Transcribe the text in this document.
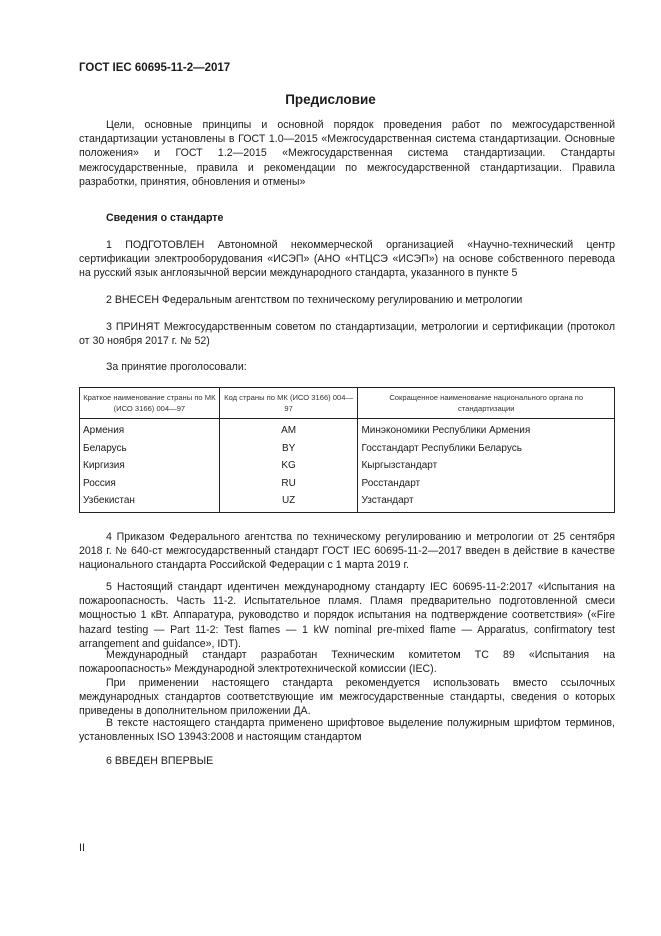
ГОСТ IEC 60695-11-2—2017
Предисловие

Цели, основные принципы и основной порядок проведения работ по межгосударственной стандартизации установлены в ГОСТ 1.0—2015 «Межгосударственная система стандартизации. Основные положения» и ГОСТ 1.2—2015 «Межгосударственная система стандартизации. Стандарты межгосударственные, правила и рекомендации по межгосударственной стандартизации. Правила разработки, принятия, обновления и отмены»

Сведения о стандарте

1 ПОДГОТОВЛЕН Автономной некоммерческой организацией «Научно-технический центр сертификации электрооборудования «ИСЭП» (АНО «НТЦСЭ «ИСЭП») на основе собственного перевода на русский язык англоязычной версии международного стандарта, указанного в пункте 5

2 ВНЕСЕН Федеральным агентством по техническому регулированию и метрологии

3 ПРИНЯТ Межгосударственным советом по стандартизации, метрологии и сертификации (протокол от 30 ноября 2017 г. № 52)

За принятие проголосовали:

Краткое наименование страны по МК (ИСО 3166) 004—97	Код страны по МК (ИСО 3166) 004—97	Сокращенное наименование национального органа по стандартизации
Армения	AM	Минэкономики Республики Армения
Беларусь	BY	Госстандарт Республики Беларусь
Киргизия	KG	Кыргызстандарт
Россия	RU	Росстандарт
Узбекистан	UZ	Узстандарт

4 Приказом Федерального агентства по техническому регулированию и метрологии от 25 сентября 2018 г. № 640-ст межгосударственный стандарт ГОСТ IEC 60695-11-2—2017 введен в действие в качестве национального стандарта Российской Федерации с 1 марта 2019 г.

5 Настоящий стандарт идентичен международному стандарту IEC 60695-11-2:2017 «Испытания на пожароопасность. Часть 11-2. Испытательное пламя. Пламя предварительно подготовленной смеси мощностью 1 кВт. Аппаратура, руководство и порядок испытания на подтверждение соответствия» («Fire hazard testing — Part 11-2: Test flames — 1 kW nominal pre-mixed flame — Apparatus, confirmatory test arrangement and guidance», IDT).

Международный стандарт разработан Техническим комитетом ТС 89 «Испытания на пожароопасность» Международной электротехнической комиссии (IEC).

При применении настоящего стандарта рекомендуется использовать вместо ссылочных международных стандартов соответствующие им межгосударственные стандарты, сведения о которых приведены в дополнительном приложении ДА.

В тексте настоящего стандарта применено шрифтовое выделение полужирным шрифтом терминов, установленных ISO 13943:2008 и настоящим стандартом

6 ВВЕДЕН ВПЕРВЫЕ

II
